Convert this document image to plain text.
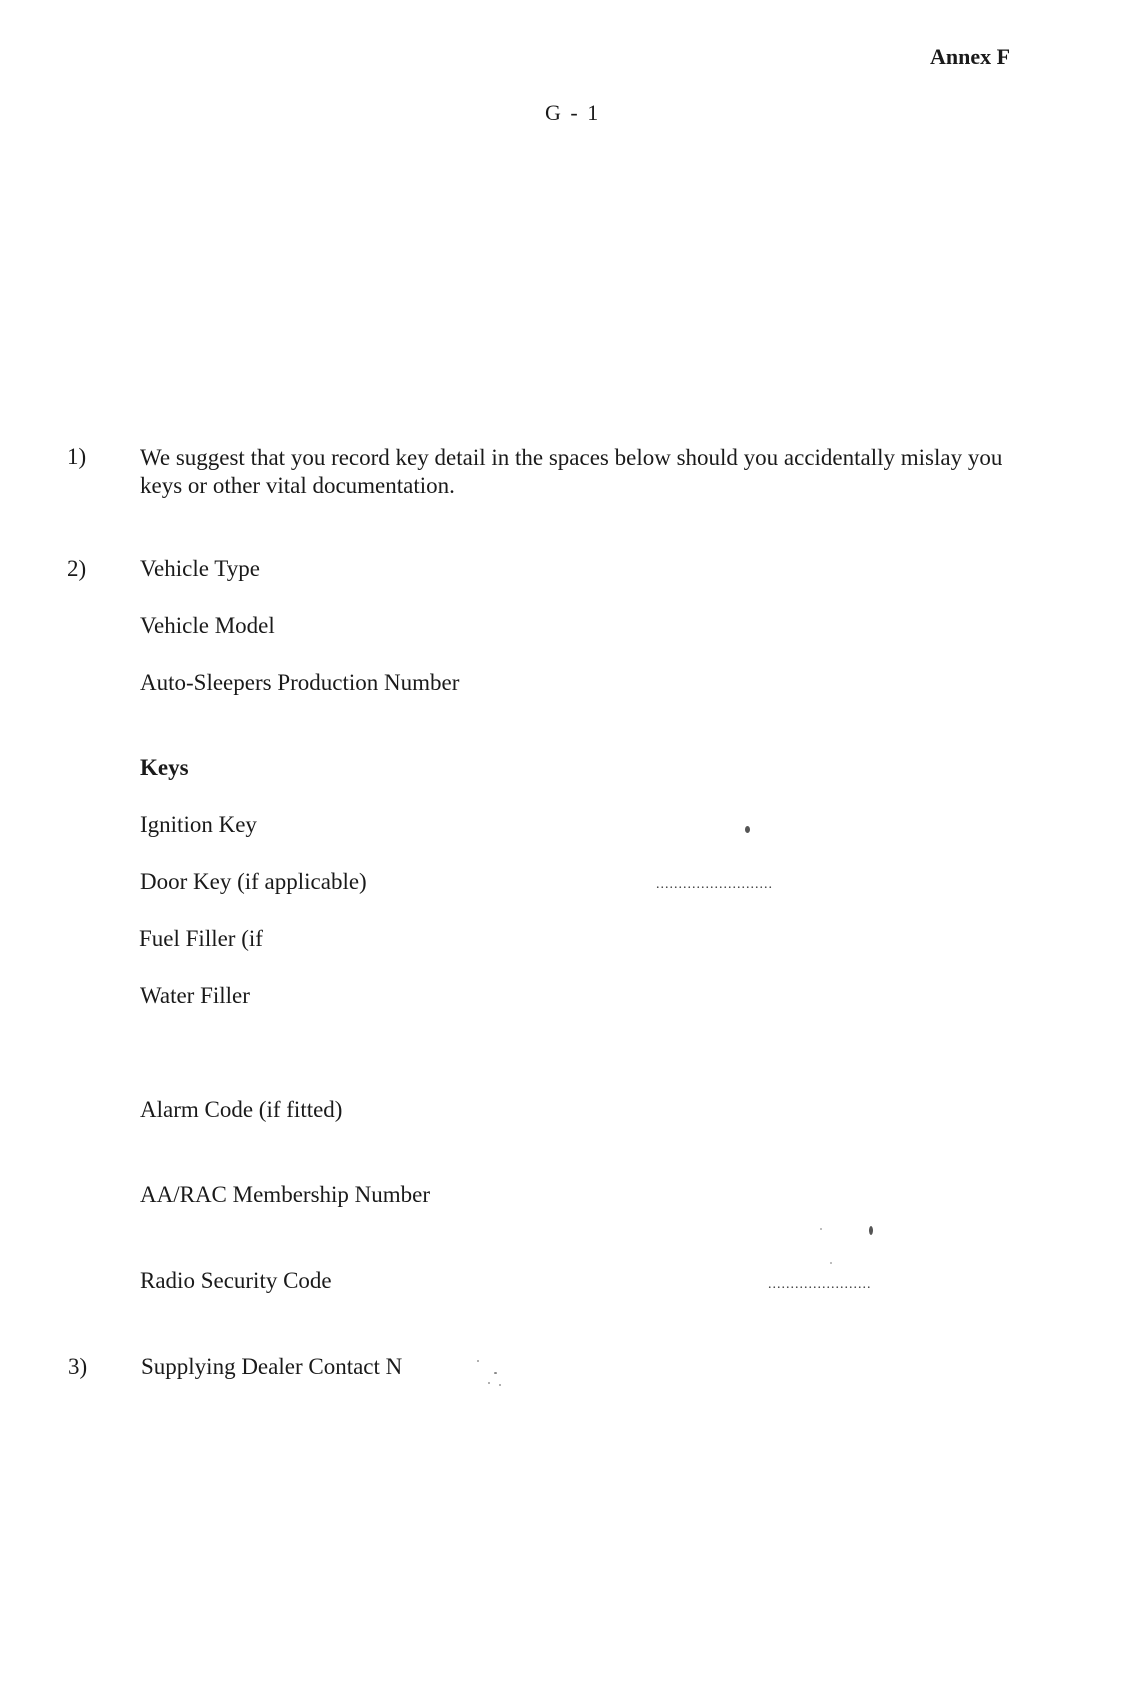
Annex F
G - 1
1) We suggest that you record key detail in the spaces below should you accidentally mislay you keys or other vital documentation.
2) Vehicle Type
Vehicle Model
Auto-Sleepers Production Number
Keys
Ignition Key
Door Key (if applicable)	..........................
Fuel Filler (if
Water Filler
Alarm Code (if fitted)
AA/RAC Membership Number
Radio Security Code	.......................
3) Supplying Dealer Contact N
